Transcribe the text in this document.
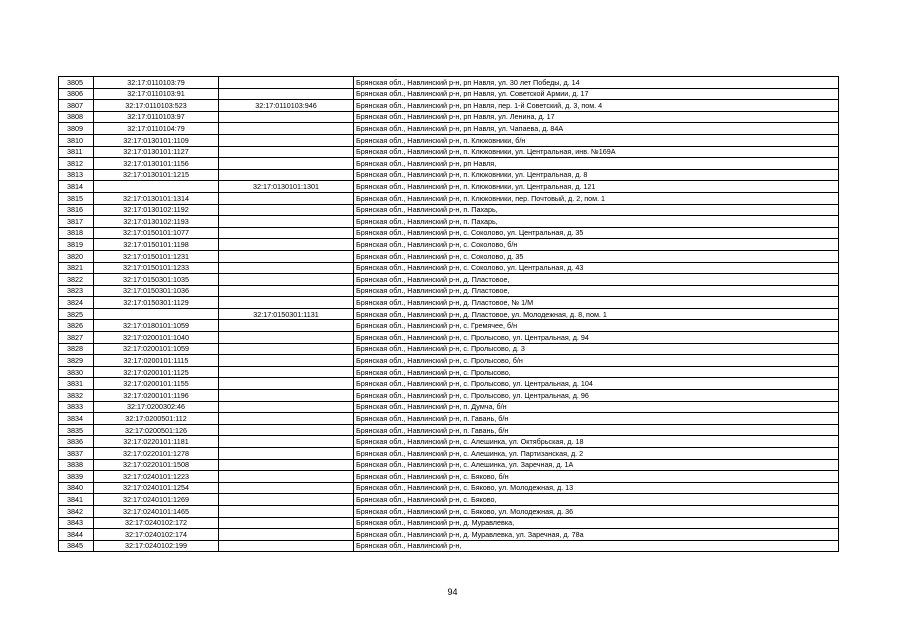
3805	32:17:0110103:79		Брянская обл., Навлинский р-н, рп Навля, ул. 30 лет Победы, д. 14
3806	32:17:0110103:91		Брянская обл., Навлинский р-н, рп Навля, ул. Советской Армии, д. 17
3807	32:17:0110103:523	32:17:0110103:946	Брянская обл., Навлинский р-н, рп Навля, пер. 1-й Советский, д. 3, пом. 4
3808	32:17:0110103:97		Брянская обл., Навлинский р-н, рп Навля, ул. Ленина, д. 17
3809	32:17:0110104:79		Брянская обл., Навлинский р-н, рп Навля, ул. Чапаева, д. 84А
3810	32:17:0130101:1109		Брянская обл., Навлинский р-н, п. Клюковники, б/н
3811	32:17:0130101:1127		Брянская обл., Навлинский р-н, п. Клюковники, ул. Центральная, инв. №169А
3812	32:17:0130101:1156		Брянская обл., Навлинский р-н, рп Навля,
3813	32:17:0130101:1215		Брянская обл., Навлинский р-н, п. Клюковники, ул. Центральная, д. 8
3814		32:17:0130101:1301	Брянская обл., Навлинский р-н, п. Клюковники, ул. Центральная, д. 121
3815	32:17:0130101:1314		Брянская обл., Навлинский р-н, п. Клюковники, пер. Почтовый, д. 2, пом. 1
3816	32:17:0130102:1192		Брянская обл., Навлинский р-н, п. Пахарь,
3817	32:17:0130102:1193		Брянская обл., Навлинский р-н, п. Пахарь,
3818	32:17:0150101:1077		Брянская обл., Навлинский р-н, с. Соколово, ул. Центральная, д. 35
3819	32:17:0150101:1198		Брянская обл., Навлинский р-н, с. Соколово, б/н
3820	32:17:0150101:1231		Брянская обл., Навлинский р-н, с. Соколово, д. 35
3821	32:17:0150101:1233		Брянская обл., Навлинский р-н, с. Соколово, ул. Центральная, д. 43
3822	32:17:0150301:1035		Брянская обл., Навлинский р-н, д. Пластовое,
3823	32:17:0150301:1036		Брянская обл., Навлинский р-н, д. Пластовое,
3824	32:17:0150301:1129		Брянская обл., Навлинский р-н, д. Пластовое, № 1/М
3825		32:17:0150301:1131	Брянская обл., Навлинский р-н, д. Пластовое, ул. Молодежная, д. 8, пом. 1
3826	32:17:0180101:1059		Брянская обл., Навлинский р-н, с. Гремячее, б/н
3827	32:17:0200101:1040		Брянская обл., Навлинский р-н, с. Пролысово, ул. Центральная, д. 94
3828	32:17:0200101:1059		Брянская обл., Навлинский р-н, с. Пролысово, д. 3
3829	32:17:0200101:1115		Брянская обл., Навлинский р-н, с. Пролысово, б/н
3830	32:17:0200101:1125		Брянская обл., Навлинский р-н, с. Пролысово,
3831	32:17:0200101:1155		Брянская обл., Навлинский р-н, с. Пролысово, ул. Центральная, д. 104
3832	32:17:0200101:1196		Брянская обл., Навлинский р-н, с. Пролысово, ул. Центральная, д. 96
3833	32:17:0200302:46		Брянская обл., Навлинский р-н, п. Думча, б/н
3834	32:17:0200501:112		Брянская обл., Навлинский р-н, п. Гавань, б/н
3835	32:17:0200501:126		Брянская обл., Навлинский р-н, п. Гавань, б/н
3836	32:17:0220101:1181		Брянская обл., Навлинский р-н, с. Алешинка, ул. Октябрьская, д. 18
3837	32:17:0220101:1278		Брянская обл., Навлинский р-н, с. Алешинка, ул. Партизанская, д. 2
3838	32:17:0220101:1508		Брянская обл., Навлинский р-н, с. Алешинка, ул. Заречная, д. 1А
3839	32:17:0240101:1223		Брянская обл., Навлинский р-н, с. Бяково, б/н
3840	32:17:0240101:1254		Брянская обл., Навлинский р-н, с. Бяково, ул. Молодежная, д. 13
3841	32:17:0240101:1269		Брянская обл., Навлинский р-н, с. Бяково,
3842	32:17:0240101:1465		Брянская обл., Навлинский р-н, с. Бяково, ул. Молодежная, д. 36
3843	32:17:0240102:172		Брянская обл., Навлинский р-н, д. Муравлевка,
3844	32:17:0240102:174		Брянская обл., Навлинский р-н, д. Муравлевка, ул. Заречная, д. 78а
3845	32:17:0240102:199		Брянская обл., Навлинский р-н,
94
